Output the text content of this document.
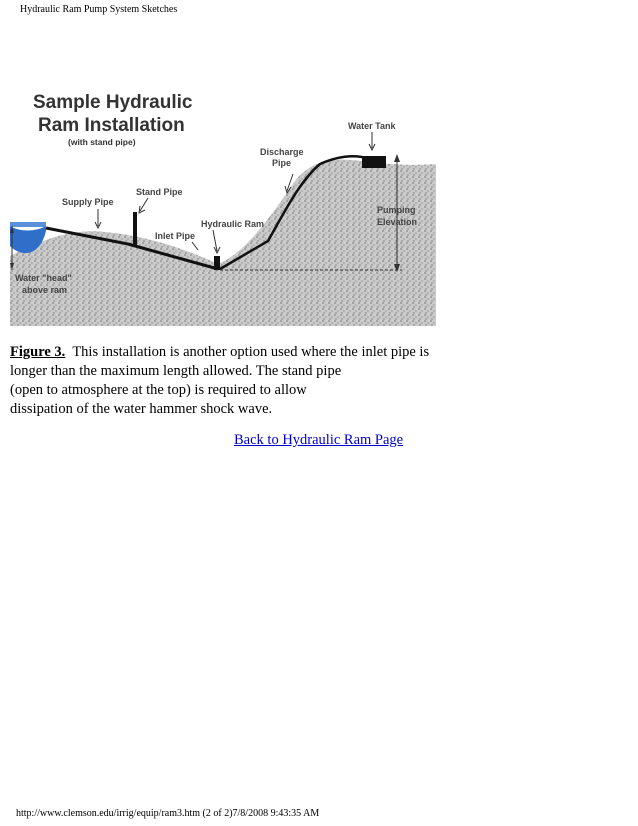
Hydraulic Ram Pump System Sketches
Sample Hydraulic
Ram Installation
(with stand pipe)
Water Tank
Discharge
Pipe
Supply Pipe
Stand Pipe
Hydraulic Ram
Inlet Pipe
Pumping
Elevation
Water "head"
above ram
Figure 3. This installation is another option used where the inlet pipe is
longer than the maximum length allowed. The stand pipe
(open to atmosphere at the top) is required to allow
dissipation of the water hammer shock wave.
Back to Hydraulic Ram Page
http://www.clemson.edu/irrig/equip/ram3.htm (2 of 2)7/8/2008 9:43:35 AM
